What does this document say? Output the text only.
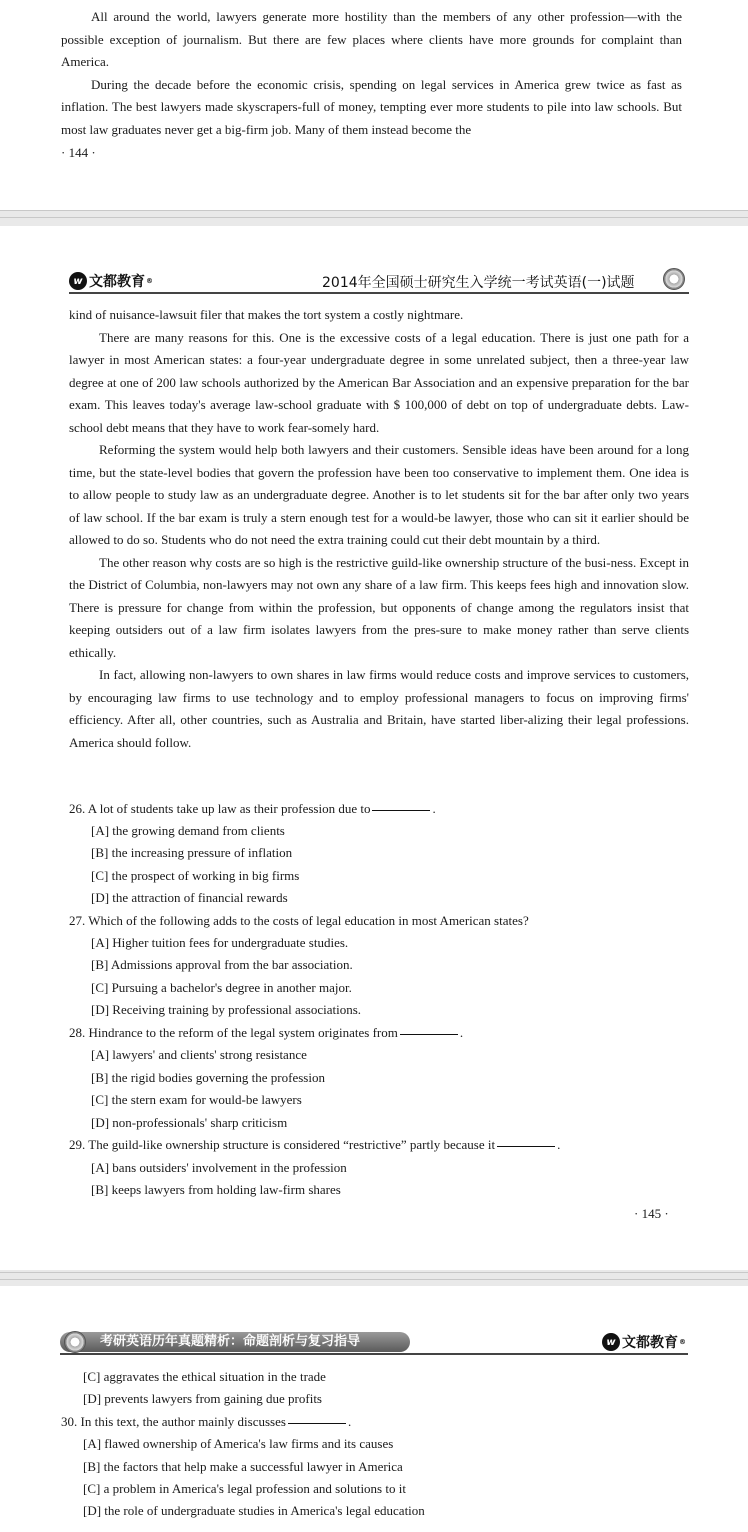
All around the world, lawyers generate more hostility than the members of any other profession—with the possible exception of journalism. But there are few places where clients have more grounds for complaint than America.

During the decade before the economic crisis, spending on legal services in America grew twice as fast as inflation. The best lawyers made skyscrapers-full of money, tempting ever more students to pile into law schools. But most law graduates never get a big-firm job. Many of them instead become the

· 144 ·
w 文都教育 ®	2014年全国硕士研究生入学统一考试英语(一)试题

kind of nuisance-lawsuit filer that makes the tort system a costly nightmare.

There are many reasons for this. One is the excessive costs of a legal education. There is just one path for a lawyer in most American states: a four-year undergraduate degree in some unrelated subject, then a three-year law degree at one of 200 law schools authorized by the American Bar Association and an expensive preparation for the bar exam. This leaves today's average law-school graduate with $ 100,000 of debt on top of undergraduate debts. Law-school debt means that they have to work fear-somely hard.

Reforming the system would help both lawyers and their customers. Sensible ideas have been around for a long time, but the state-level bodies that govern the profession have been too conservative to implement them. One idea is to allow people to study law as an undergraduate degree. Another is to let students sit for the bar after only two years of law school. If the bar exam is truly a stern enough test for a would-be lawyer, those who can sit it earlier should be allowed to do so. Students who do not need the extra training could cut their debt mountain by a third.

The other reason why costs are so high is the restrictive guild-like ownership structure of the busi-ness. Except in the District of Columbia, non-lawyers may not own any share of a law firm. This keeps fees high and innovation slow. There is pressure for change from within the profession, but opponents of change among the regulators insist that keeping outsiders out of a law firm isolates lawyers from the pres-sure to make money rather than serve clients ethically.

In fact, allowing non-lawyers to own shares in law firms would reduce costs and improve services to customers, by encouraging law firms to use technology and to employ professional managers to focus on improving firms' efficiency. After all, other countries, such as Australia and Britain, have started liber-alizing their legal professions. America should follow.

26. A lot of students take up law as their profession due to.
[A] the growing demand from clients
[B] the increasing pressure of inflation
[C] the prospect of working in big firms
[D] the attraction of financial rewards
27. Which of the following adds to the costs of legal education in most American states?
[A] Higher tuition fees for undergraduate studies.
[B] Admissions approval from the bar association.
[C] Pursuing a bachelor's degree in another major.
[D] Receiving training by professional associations.
28. Hindrance to the reform of the legal system originates from.
[A] lawyers' and clients' strong resistance
[B] the rigid bodies governing the profession
[C] the stern exam for would-be lawyers
[D] non-professionals' sharp criticism
29. The guild-like ownership structure is considered “restrictive” partly because it.
[A] bans outsiders' involvement in the profession
[B] keeps lawyers from holding law-firm shares
· 145 ·
考研英语历年真题精析：命题剖析与复习指导	w 文都教育 ®
[C] aggravates the ethical situation in the trade
[D] prevents lawyers from gaining due profits
30. In this text, the author mainly discusses.
[A] flawed ownership of America's law firms and its causes
[B] the factors that help make a successful lawyer in America
[C] a problem in America's legal profession and solutions to it
[D] the role of undergraduate studies in America's legal education
